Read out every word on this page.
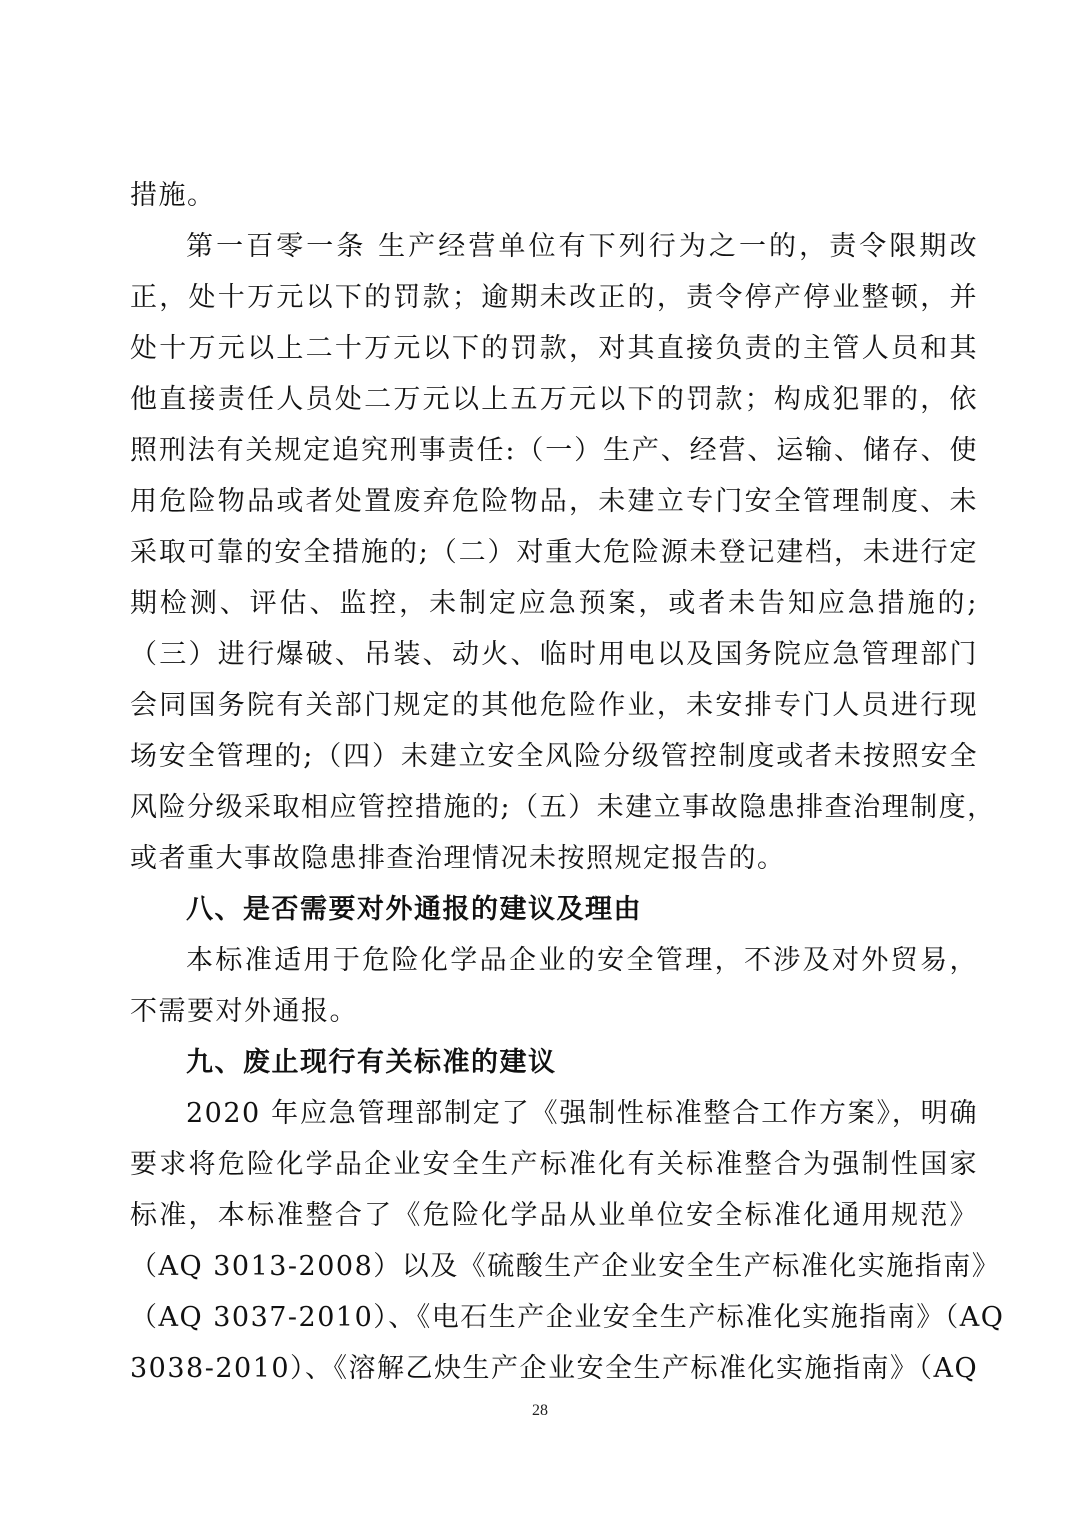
措施。
第一百零一条 生产经营单位有下列行为之一的，责令限期改
正，处十万元以下的罚款；逾期未改正的，责令停产停业整顿，并
处十万元以上二十万元以下的罚款，对其直接负责的主管人员和其
他直接责任人员处二万元以上五万元以下的罚款；构成犯罪的，依
照刑法有关规定追究刑事责任:（一）生产、经营、运输、储存、使
用危险物品或者处置废弃危险物品，未建立专门安全管理制度、未
采取可靠的安全措施的;（二）对重大危险源未登记建档，未进行定
期检测、评估、监控，未制定应急预案，或者未告知应急措施的;
（三）进行爆破、吊装、动火、临时用电以及国务院应急管理部门
会同国务院有关部门规定的其他危险作业，未安排专门人员进行现
场安全管理的;（四）未建立安全风险分级管控制度或者未按照安全
风险分级采取相应管控措施的;（五）未建立事故隐患排查治理制度，
或者重大事故隐患排查治理情况未按照规定报告的。
八、是否需要对外通报的建议及理由
本标准适用于危险化学品企业的安全管理，不涉及对外贸易，
不需要对外通报。
九、废止现行有关标准的建议
2020 年应急管理部制定了《强制性标准整合工作方案》，明确
要求将危险化学品企业安全生产标准化有关标准整合为强制性国家
标准，本标准整合了《危险化学品从业单位安全标准化通用规范》
（AQ 3013-2008）以及《硫酸生产企业安全生产标准化实施指南》
（AQ 3037-2010）、《电石生产企业安全生产标准化实施指南》（AQ
3038-2010）、《溶解乙炔生产企业安全生产标准化实施指南》（AQ
28
